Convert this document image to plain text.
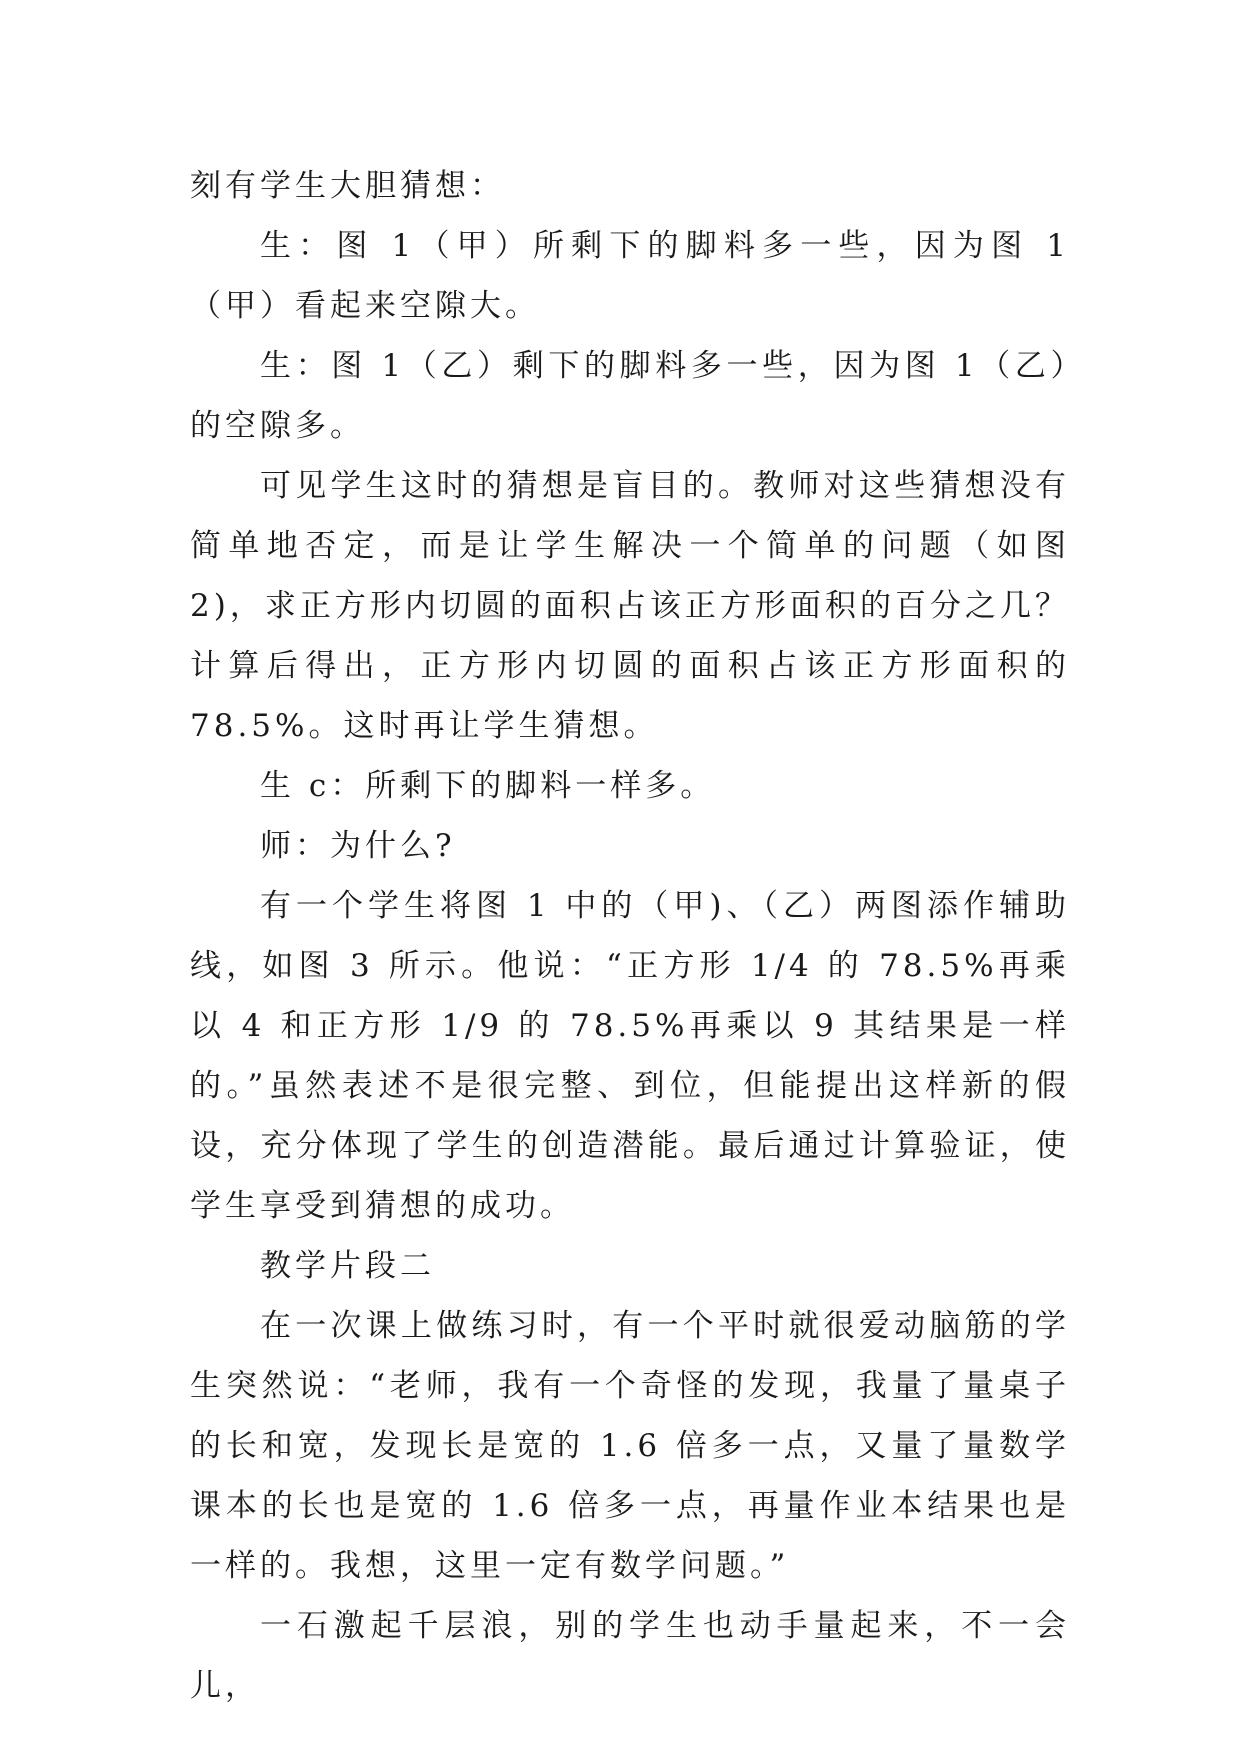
刻有学生大胆猜想：

生：图 1（甲）所剩下的脚料多一些，因为图 1（甲）看起来空隙大。

生：图 1（乙）剩下的脚料多一些，因为图 1（乙）的空隙多。

可见学生这时的猜想是盲目的。教师对这些猜想没有简单地否定，而是让学生解决一个简单的问题（如图 2)，求正方形内切圆的面积占该正方形面积的百分之几？计算后得出，正方形内切圆的面积占该正方形面积的 78.5%。这时再让学生猜想。

生 c：所剩下的脚料一样多。

师：为什么?

有一个学生将图 1 中的（甲)、（乙）两图添作辅助线，如图 3 所示。他说：“正方形 1/4 的 78.5%再乘以 4 和正方形 1/9 的 78.5%再乘以 9 其结果是一样的。”虽然表述不是很完整、到位，但能提出这样新的假设，充分体现了学生的创造潜能。最后通过计算验证，使学生享受到猜想的成功。

教学片段二

在一次课上做练习时，有一个平时就很爱动脑筋的学生突然说：“老师，我有一个奇怪的发现，我量了量桌子的长和宽，发现长是宽的 1.6 倍多一点，又量了量数学课本的长也是宽的 1.6 倍多一点，再量作业本结果也是一样的。我想，这里一定有数学问题。”

一石激起千层浪，别的学生也动手量起来，不一会儿，
